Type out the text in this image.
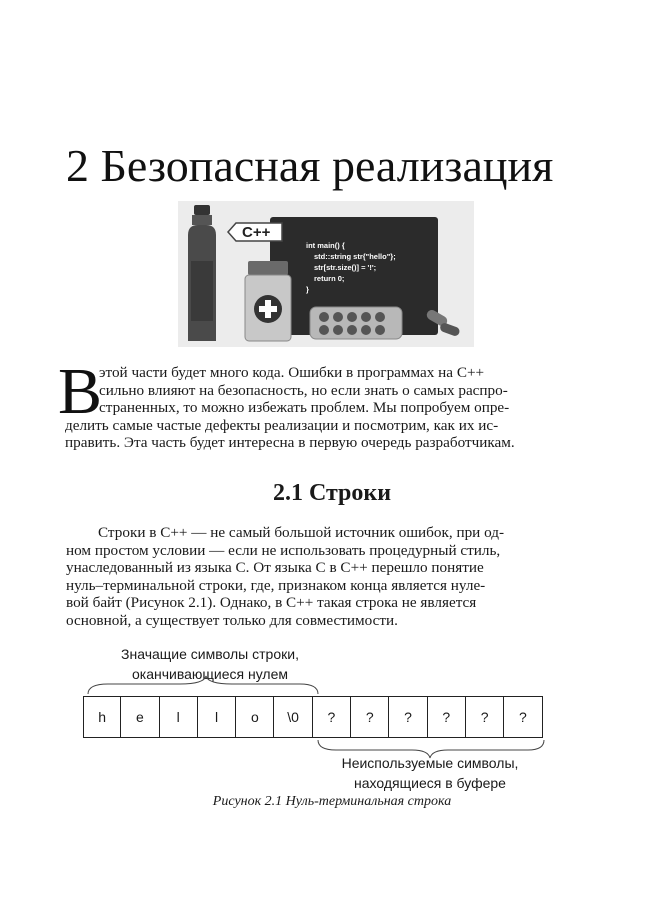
2 Безопасная реализация
int main() {
std::string str{"hello"};
str[str.size()] = '!';
return 0;
}
C++
В
этой части будет много кода. Ошибки в программах на C++
сильно влияют на безопасность, но если знать о самых распро-
страненных, то можно избежать проблем. Мы попробуем опре-
делить самые частые дефекты реализации и посмотрим, как их ис-
править. Эта часть будет интересна в первую очередь разработчикам.
2.1 Строки
Строки в C++ — не самый большой источник ошибок, при од-
ном простом условии — если не использовать процедурный стиль,
унаследованный из языка C. От языка C в C++ перешло понятие
нуль–терминальной строки, где, признаком конца является нуле-
вой байт (Рисунок 2.1). Однако, в C++ такая строка не является
основной, а существует только для совместимости.
Значащие символы строки,
оканчивающиеся нулем
h	e	l	l	o	\0	?	?	?	?	?	?
Неиспользуемые символы,
находящиеся в буфере
Рисунок 2.1 Нуль-терминальная строка
